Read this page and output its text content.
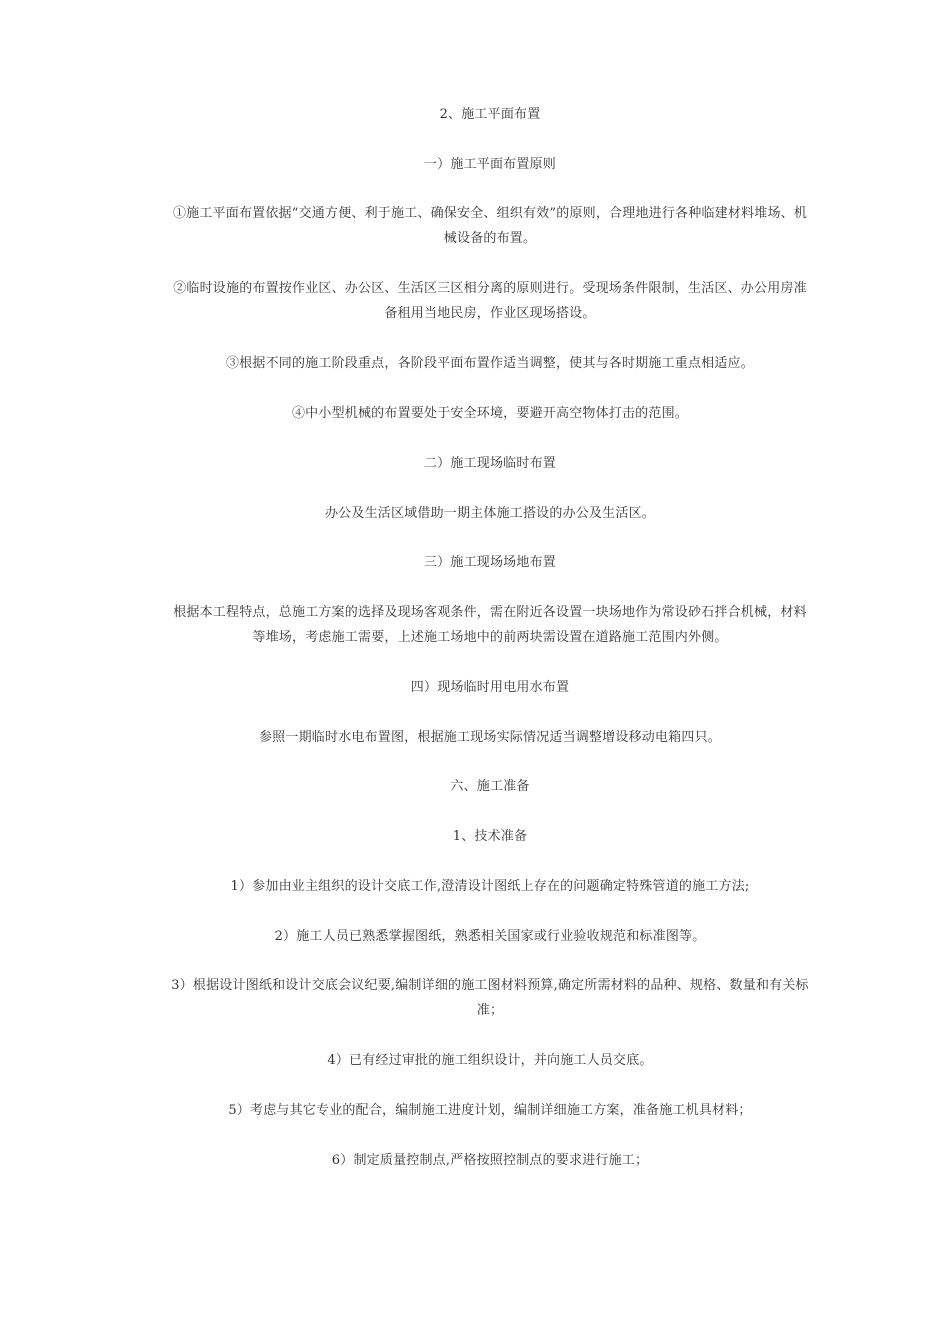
2、施工平面布置

一）施工平面布置原则

①施工平面布置依据“交通方便、利于施工、确保安全、组织有效”的原则，合理地进行各种临建材料堆场、机械设备的布置。

②临时设施的布置按作业区、办公区、生活区三区相分离的原则进行。受现场条件限制，生活区、办公用房准备租用当地民房，作业区现场搭设。

③根据不同的施工阶段重点，各阶段平面布置作适当调整，使其与各时期施工重点相适应。

④中小型机械的布置要处于安全环境，要避开高空物体打击的范围。

二）施工现场临时布置

办公及生活区域借助一期主体施工搭设的办公及生活区。

三）施工现场场地布置

根据本工程特点，总施工方案的选择及现场客观条件，需在附近各设置一块场地作为常设砂石拌合机械，材料等堆场，考虑施工需要，上述施工场地中的前两块需设置在道路施工范围内外侧。

四）现场临时用电用水布置

参照一期临时水电布置图，根据施工现场实际情况适当调整增设移动电箱四只。

六、施工准备

1、技术准备

1）参加由业主组织的设计交底工作,澄清设计图纸上存在的问题确定特殊管道的施工方法;

2）施工人员已熟悉掌握图纸，熟悉相关国家或行业验收规范和标准图等。

3）根据设计图纸和设计交底会议纪要,编制详细的施工图材料预算,确定所需材料的品种、规格、数量和有关标准；

4）已有经过审批的施工组织设计，并向施工人员交底。

5）考虑与其它专业的配合，编制施工进度计划，编制详细施工方案，准备施工机具材料；

6）制定质量控制点,严格按照控制点的要求进行施工；
